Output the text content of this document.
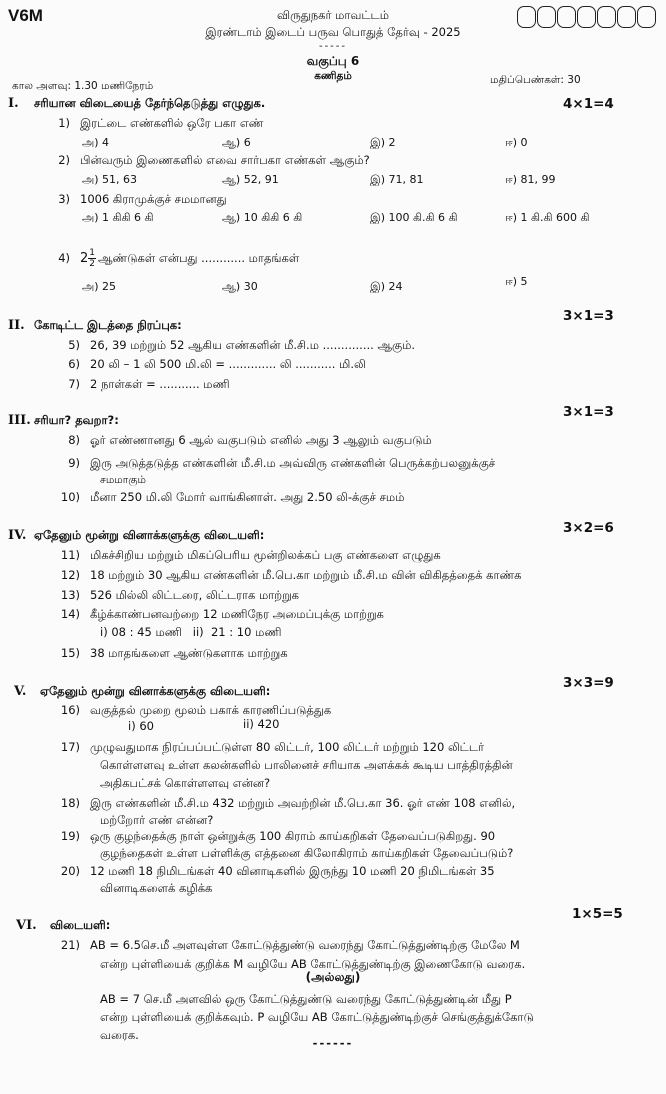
V6M	விருதுநகர் மாவட்டம்
இரண்டாம் இடைப் பருவ பொதுத் தேர்வு - 2025
-----
வகுப்பு 6
கணிதம்
கால அளவு: 1.30 மணிநேரம்	மதிப்பெண்கள்: 30
I. சரியான விடையைத் தேர்ந்தெடுத்து எழுதுக.	4×1=4
1) இரட்டை எண்களில் ஒரே பகா எண்
அ) 4	ஆ) 6	இ) 2	ஈ) 0
2) பின்வரும் இணைகளில் எவை சார்பகா எண்கள் ஆகும்?
அ) 51, 63	ஆ) 52, 91	இ) 71, 81	ஈ) 81, 99
3) 1006 கிராமுக்குச் சமமானது
அ) 1 கிகி 6 கி	ஆ) 10 கிகி 6 கி	இ) 100 கி.கி 6 கி	ஈ) 1 கி.கி 600 கி
4) $2 \frac{1}{2}$ ஆண்டுகள் என்பது ............ மாதங்கள்
அ) 25	ஆ) 30	இ) 24	ஈ) 5
II. கோடிட்ட இடத்தை நிரப்புக:
3×1=3
5) 26, 39 மற்றும் 52 ஆகிய எண்களின் மீ.சி.ம .............. ஆகும்.
6) 20 லி – 1 லி 500 மி.லி = ............. லி ........... மி.லி
7) 2 நாள்கள் = ........... மணி
III. சரியா? தவறா?:	3×1=3
8) ஓர் எண்ணானது 6 ஆல் வகுபடும் எனில் அது 3 ஆலும் வகுபடும்
9) இரு அடுத்தடுத்த எண்களின் மீ.சி.ம அவ்விரு எண்களின் பெருக்கற்பலனுக்குச்
சமமாகும்
10) மீனா 250 மி.லி மோர் வாங்கினாள். அது 2.50 லி-க்குச் சமம்
IV. ஏதேனும் மூன்று வினாக்களுக்கு விடையளி:	3×2=6
11) மிகச்சிறிய மற்றும் மிகப்பெரிய மூன்றிலக்கப் பகு எண்களை எழுதுக
12) 18 மற்றும் 30 ஆகிய எண்களின் மீ.பெ.கா மற்றும் மீ.சி.ம வின் விகிதத்தைக் காண்க
13) 526 மில்லி லிட்டரை, லிட்டராக மாற்றுக
14) கீழ்க்காண்பனவற்றை 12 மணிநேர அமைப்புக்கு மாற்றுக
i) 08 : 45 மணி   ii)  21 : 10 மணி
15) 38 மாதங்களை ஆண்டுகளாக மாற்றுக
V. ஏதேனும் மூன்று வினாக்களுக்கு விடையளி:	3×3=9
16) வகுத்தல் முறை மூலம் பகாக் காரணிப்படுத்துக
i) 60	ii) 420
17) முழுவதுமாக நிரப்பப்பட்டுள்ள 80 லிட்டர், 100 லிட்டர் மற்றும் 120 லிட்டர்
கொள்ளளவு உள்ள கலன்களில் பாலினைச் சரியாக அளக்கக் கூடிய பாத்திரத்தின்
அதிகபட்சக் கொள்ளளவு என்ன?
18) இரு எண்களின் மீ.சி.ம 432 மற்றும் அவற்றின் மீ.பெ.கா 36. ஓர் எண் 108 எனில்,
மற்றோர் எண் என்ன?
19) ஒரு குழந்தைக்கு நாள் ஒன்றுக்கு 100 கிராம் காய்கறிகள் தேவைப்படுகிறது. 90
குழந்தைகள் உள்ள பள்ளிக்கு எத்தனை கிலோகிராம் காய்கறிகள் தேவைப்படும்?
20) 12 மணி 18 நிமிடங்கள் 40 வினாடிகளில் இருந்து 10 மணி 20 நிமிடங்கள் 35
வினாடிகளைக் கழிக்க
VI. விடையளி:
1×5=5
21) AB = 6.5செ.மீ அளவுள்ள கோட்டுத்துண்டு வரைந்து கோட்டுத்துண்டிற்கு மேலே M
என்ற புள்ளியைக் குறிக்க M வழியே AB கோட்டுத்துண்டிற்கு இணைகோடு வரைக.
(அல்லது)
AB = 7 செ.மீ அளவில் ஒரு கோட்டுத்துண்டு வரைந்து கோட்டுத்துண்டின் மீது P
என்ற புள்ளியைக் குறிக்கவும். P வழியே AB கோட்டுத்துண்டிற்குச் செங்குத்துக்கோடு
வரைக.
------
